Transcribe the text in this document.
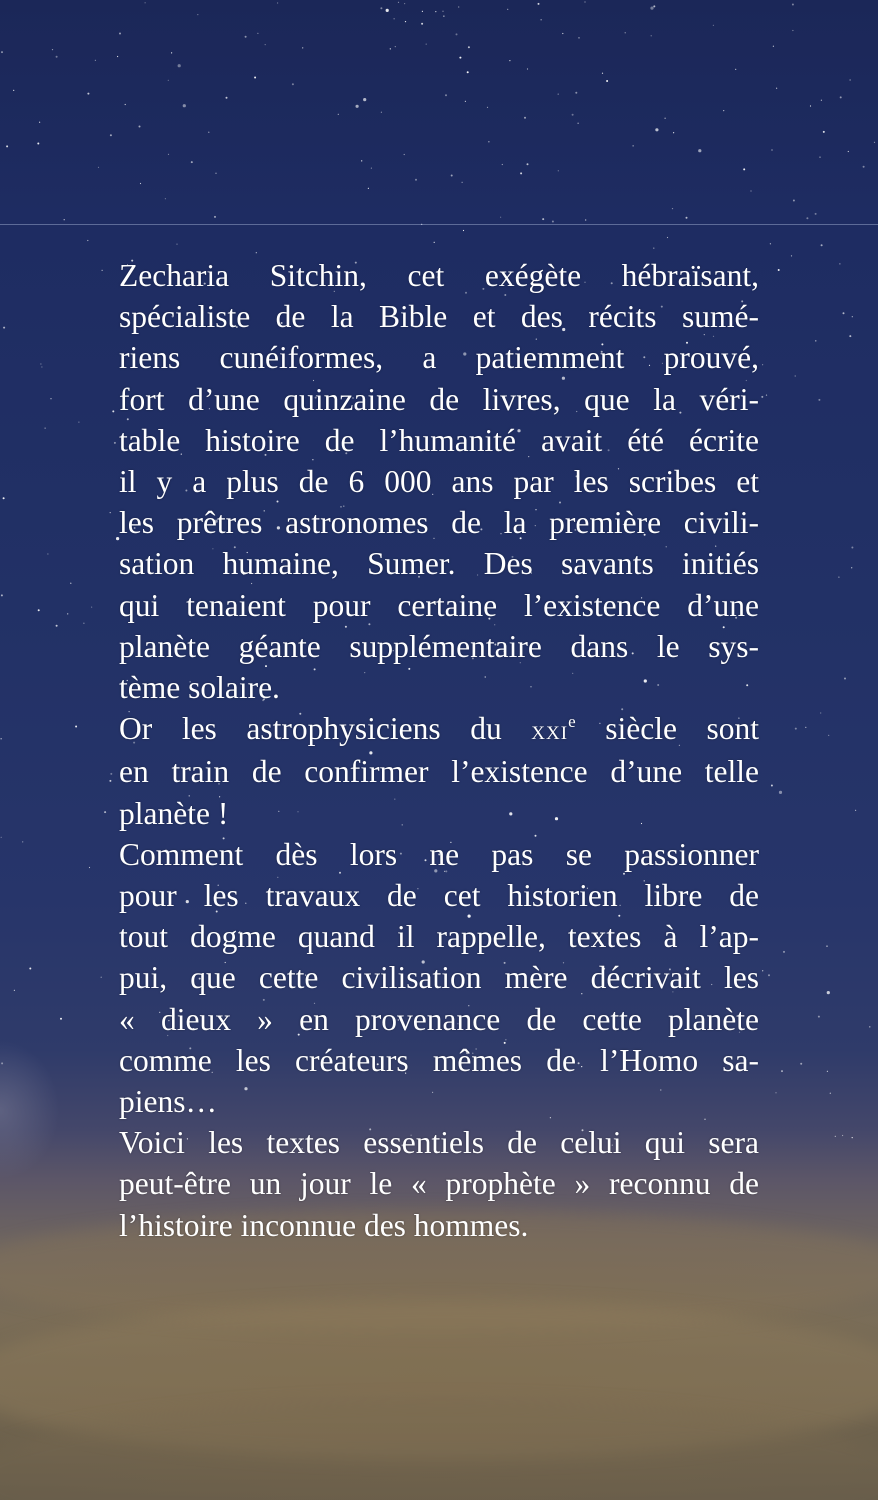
Zecharia Sitchin, cet exégète hébraïsant,
spécialiste de la Bible et des récits sumé-
riens cunéiformes, a patiemment prouvé,
fort d’une quinzaine de livres, que la véri-
table histoire de l’humanité avait été écrite
il y a plus de 6 000 ans par les scribes et
les prêtres astronomes de la première civili-
sation humaine, Sumer. Des savants initiés
qui tenaient pour certaine l’existence d’une
planète géante supplémentaire dans le sys-
tème solaire.

Or les astrophysiciens du xxi$^e$ siècle sont
en train de confirmer l’existence d’une telle
planète !

Comment dès lors ne pas se passionner
pour les travaux de cet historien libre de
tout dogme quand il rappelle, textes à l’ap-
pui, que cette civilisation mère décrivait les
« dieux » en provenance de cette planète
comme les créateurs mêmes de l’Homo sa-
piens…

Voici les textes essentiels de celui qui sera
peut-être un jour le « prophète » reconnu de
l’histoire inconnue des hommes.
